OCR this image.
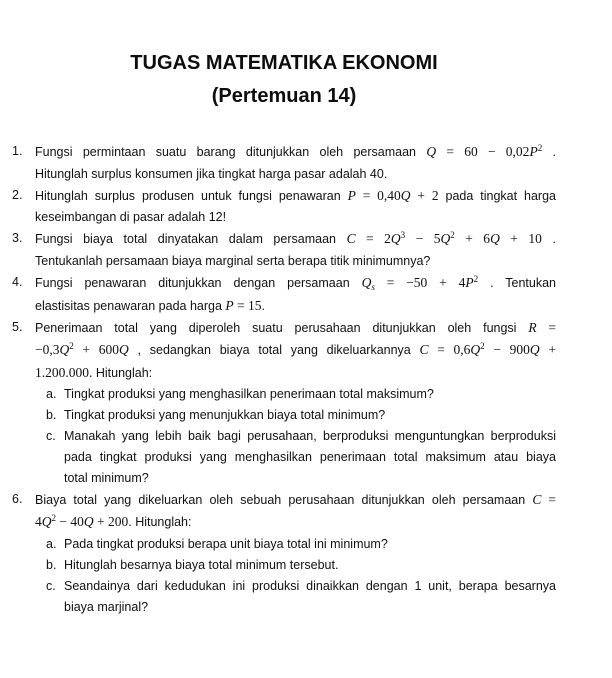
TUGAS MATEMATIKA EKONOMI
(Pertemuan 14)
1. Fungsi permintaan suatu barang ditunjukkan oleh persamaan $Q = 60 - 0,02P^2$ .
Hitunglah surplus konsumen jika tingkat harga pasar adalah 40.
2. Hitunglah surplus produsen untuk fungsi penawaran P = 0,40Q + 2 pada tingkat harga
keseimbangan di pasar adalah 12!
3. Fungsi biaya total dinyatakan dalam persamaan $C = 2Q^3 - 5Q^2 + 6Q + 10$ .
Tentukanlah persamaan biaya marginal serta berapa titik minimumnya?
4. Fungsi penawaran ditunjukkan dengan persamaan $Q_s = -50 + 4P^2$ . Tentukan
elastisitas penawaran pada harga P = 15.
5. Penerimaan total yang diperoleh suatu perusahaan ditunjukkan oleh fungsi R =
$-0,3Q^2 + 600Q$ , sedangkan biaya total yang dikeluarkannya $C = 0,6Q^2 - 900Q$ +
1.200.000. Hitunglah:
a. Tingkat produksi yang menghasilkan penerimaan total maksimum?
b. Tingkat produksi yang menunjukkan biaya total minimum?
c. Manakah yang lebih baik bagi perusahaan, berproduksi menguntungkan berproduksi
pada tingkat produksi yang menghasilkan penerimaan total maksimum atau biaya
total minimum?
6. Biaya total yang dikeluarkan oleh sebuah perusahaan ditunjukkan oleh persamaan C =
$4Q^2 - 40Q + 200$. Hitunglah:
a. Pada tingkat produksi berapa unit biaya total ini minimum?
b. Hitunglah besarnya biaya total minimum tersebut.
c. Seandainya dari kedudukan ini produksi dinaikkan dengan 1 unit, berapa besarnya
biaya marjinal?
